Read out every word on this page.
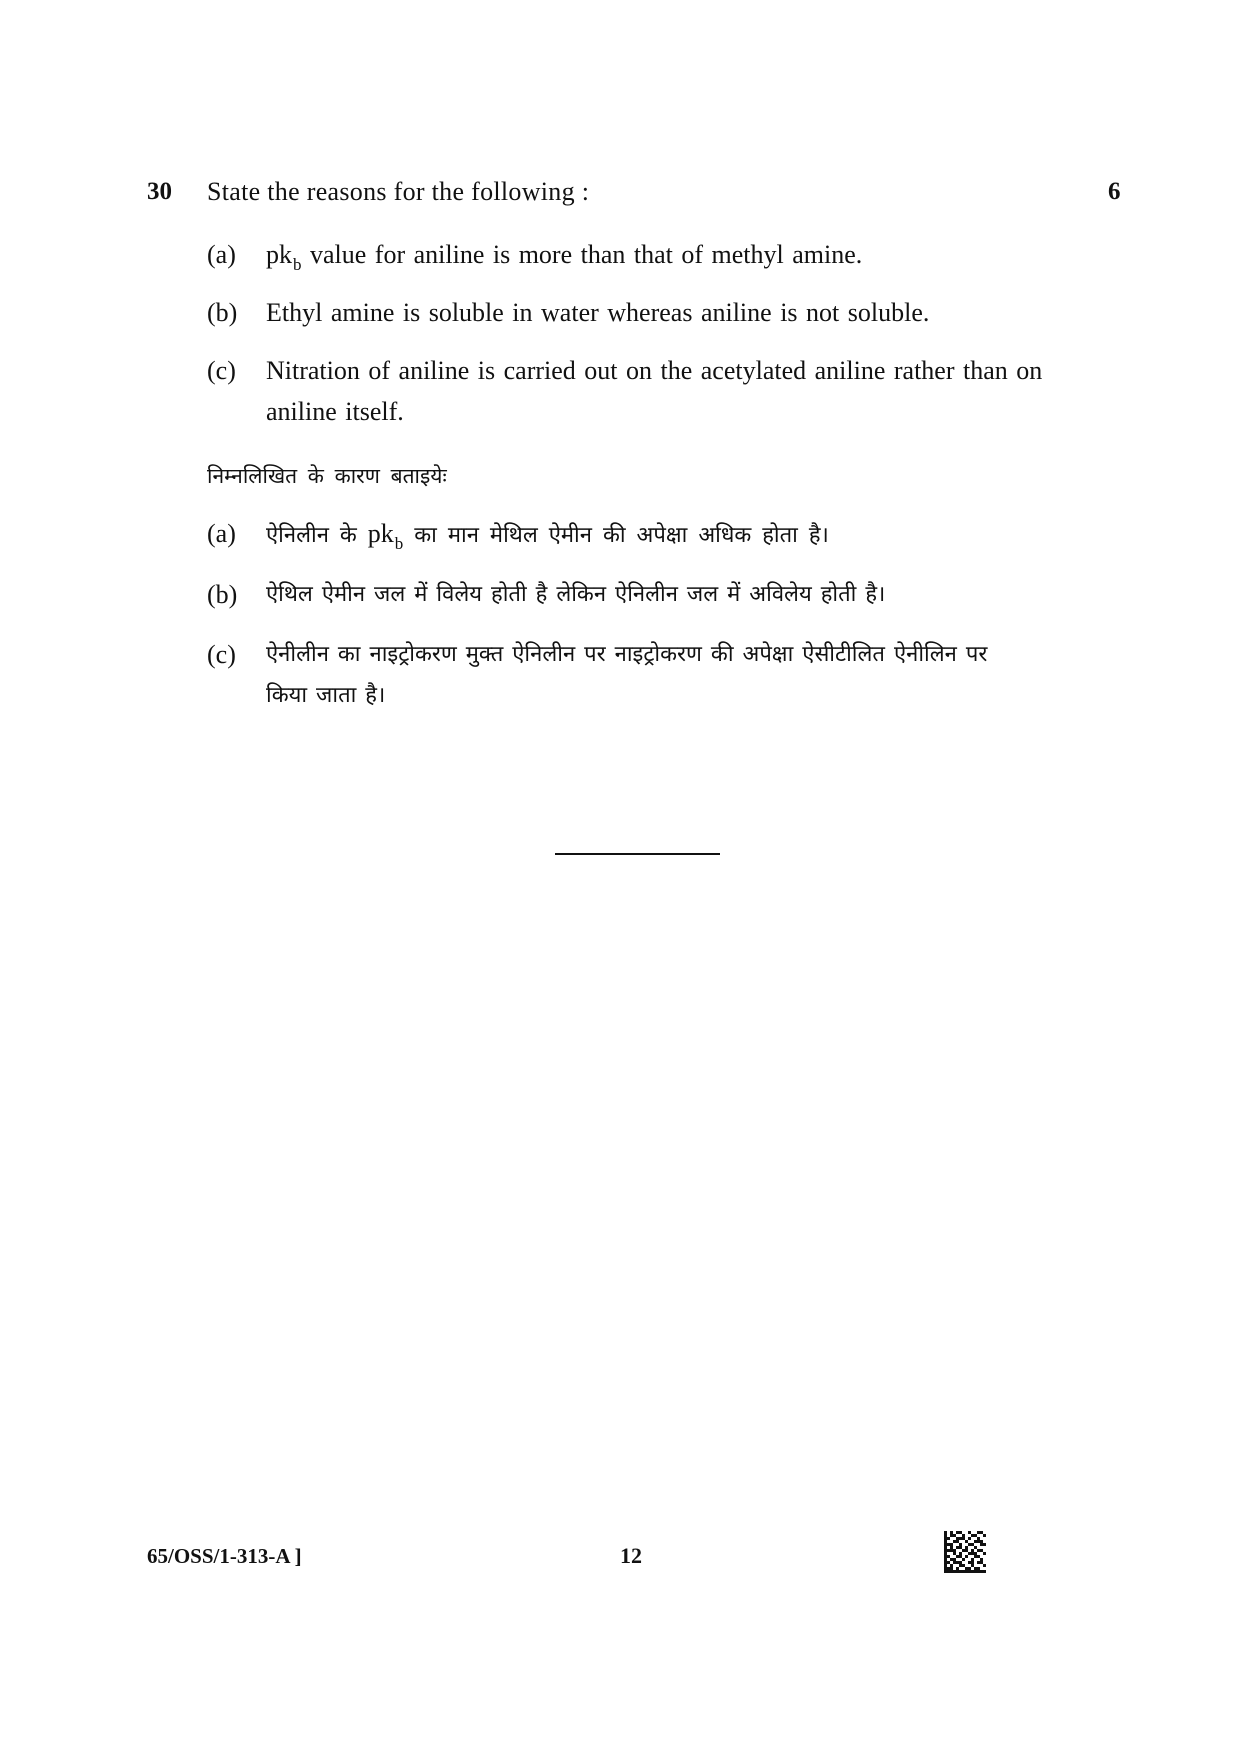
30 State the reasons for the following :	6
(a)	$pk_b$ value for aniline is more than that of methyl amine.
(b)	Ethyl amine is soluble in water whereas aniline is not soluble.
(c)	Nitration of aniline is carried out on the acetylated aniline rather than on
aniline itself.
निम्नलिखित के कारण बताइयेः
(a)	ऐनिलीन के $pk_b$ का मान मेथिल ऐमीन की अपेक्षा अधिक होता है।
(b)	ऐथिल ऐमीन जल में विलेय होती है लेकिन ऐनिलीन जल में अविलेय होती है।
(c)	ऐनीलीन का नाइट्रोकरण मुक्त ऐनिलीन पर नाइट्रोकरण की अपेक्षा ऐसीटीलित ऐनीलिन पर
किया जाता है।
65/OSS/1-313-A ]	12
